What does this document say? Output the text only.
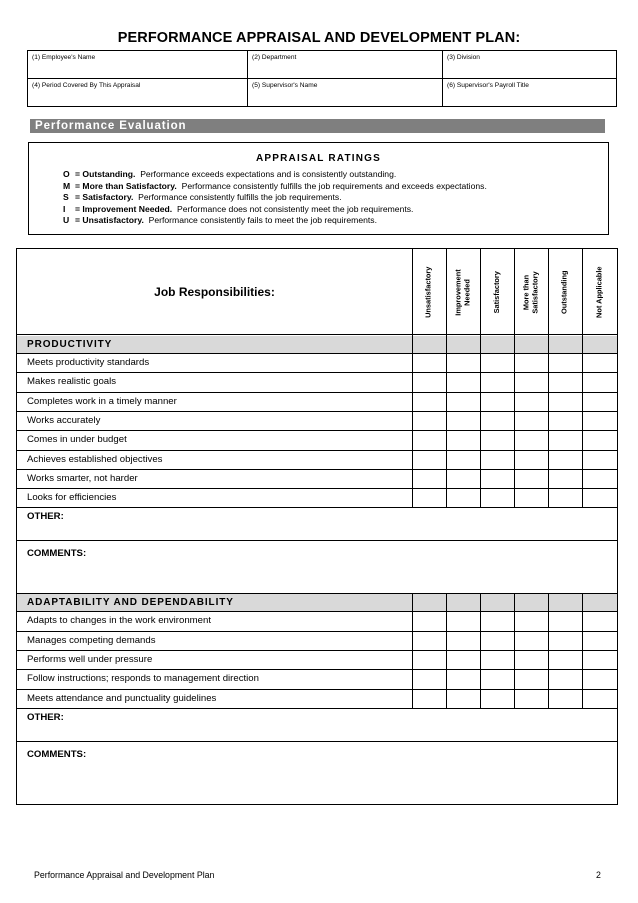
PERFORMANCE APPRAISAL AND DEVELOPMENT PLAN:
(1) Employee's Name	(2) Department	(3) Division
(4) Period Covered By This Appraisal	(5) Supervisor's Name	(6) Supervisor's Payroll Title
Performance Evaluation
APPRAISAL RATINGS
O = Outstanding. Performance exceeds expectations and is consistently outstanding.
M = More than Satisfactory. Performance consistently fulfills the job requirements and exceeds expectations.
S = Satisfactory. Performance consistently fulfills the job requirements.
I = Improvement Needed. Performance does not consistently meet the job requirements.
U = Unsatisfactory. Performance consistently fails to meet the job requirements.
Job Responsibilities:	Unsatisfactory	Improvement Needed	Satisfactory	More than Satisfactory	Outstanding	Not Applicable
PRODUCTIVITY
Meets productivity standards
Makes realistic goals
Completes work in a timely manner
Works accurately
Comes in under budget
Achieves established objectives
Works smarter, not harder
Looks for efficiencies
OTHER:
COMMENTS:
ADAPTABILITY AND DEPENDABILITY
Adapts to changes in the work environment
Manages competing demands
Performs well under pressure
Follow instructions; responds to management direction
Meets attendance and punctuality guidelines
OTHER:
COMMENTS:
Performance Appraisal and Development Plan	2
